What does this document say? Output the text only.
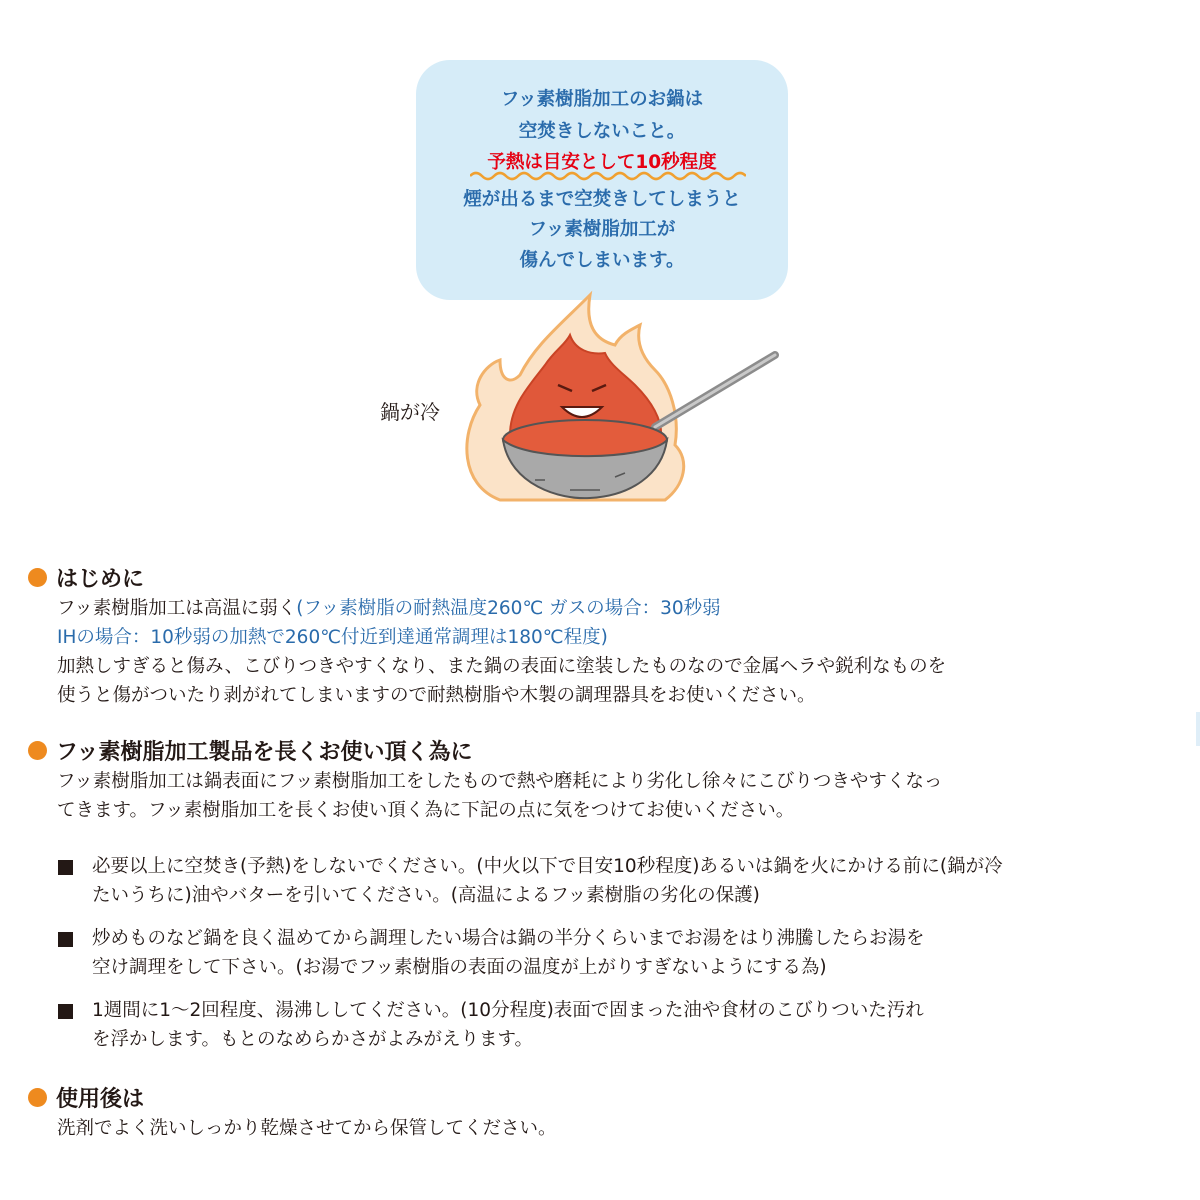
フッ素樹脂加工のお鍋は
空焚きしないこと。
予熱は目安として10秒程度
煙が出るまで空焚きしてしまうと
フッ素樹脂加工が
傷んでしまいます。
鍋が冷
はじめに
フッ素樹脂加工は高温に弱く(フッ素樹脂の耐熱温度260℃ ガスの場合：30秒弱
IHの場合：10秒弱の加熱で260℃付近到達通常調理は180℃程度)
加熱しすぎると傷み、こびりつきやすくなり、また鍋の表面に塗装したものなので金属ヘラや鋭利なものを
使うと傷がついたり剥がれてしまいますので耐熱樹脂や木製の調理器具をお使いください。
フッ素樹脂加工製品を長くお使い頂く為に
フッ素樹脂加工は鍋表面にフッ素樹脂加工をしたもので熱や磨耗により劣化し徐々にこびりつきやすくなっ
てきます。フッ素樹脂加工を長くお使い頂く為に下記の点に気をつけてお使いください。
必要以上に空焚き(予熱)をしないでください。(中火以下で目安10秒程度)あるいは鍋を火にかける前に(鍋が冷
たいうちに)油やバターを引いてください。(高温によるフッ素樹脂の劣化の保護)
炒めものなど鍋を良く温めてから調理したい場合は鍋の半分くらいまでお湯をはり沸騰したらお湯を
空け調理をして下さい。(お湯でフッ素樹脂の表面の温度が上がりすぎないようにする為)
1週間に1〜2回程度、湯沸ししてください。(10分程度)表面で固まった油や食材のこびりついた汚れ
を浮かします。もとのなめらかさがよみがえります。
使用後は
洗剤でよく洗いしっかり乾燥させてから保管してください。
